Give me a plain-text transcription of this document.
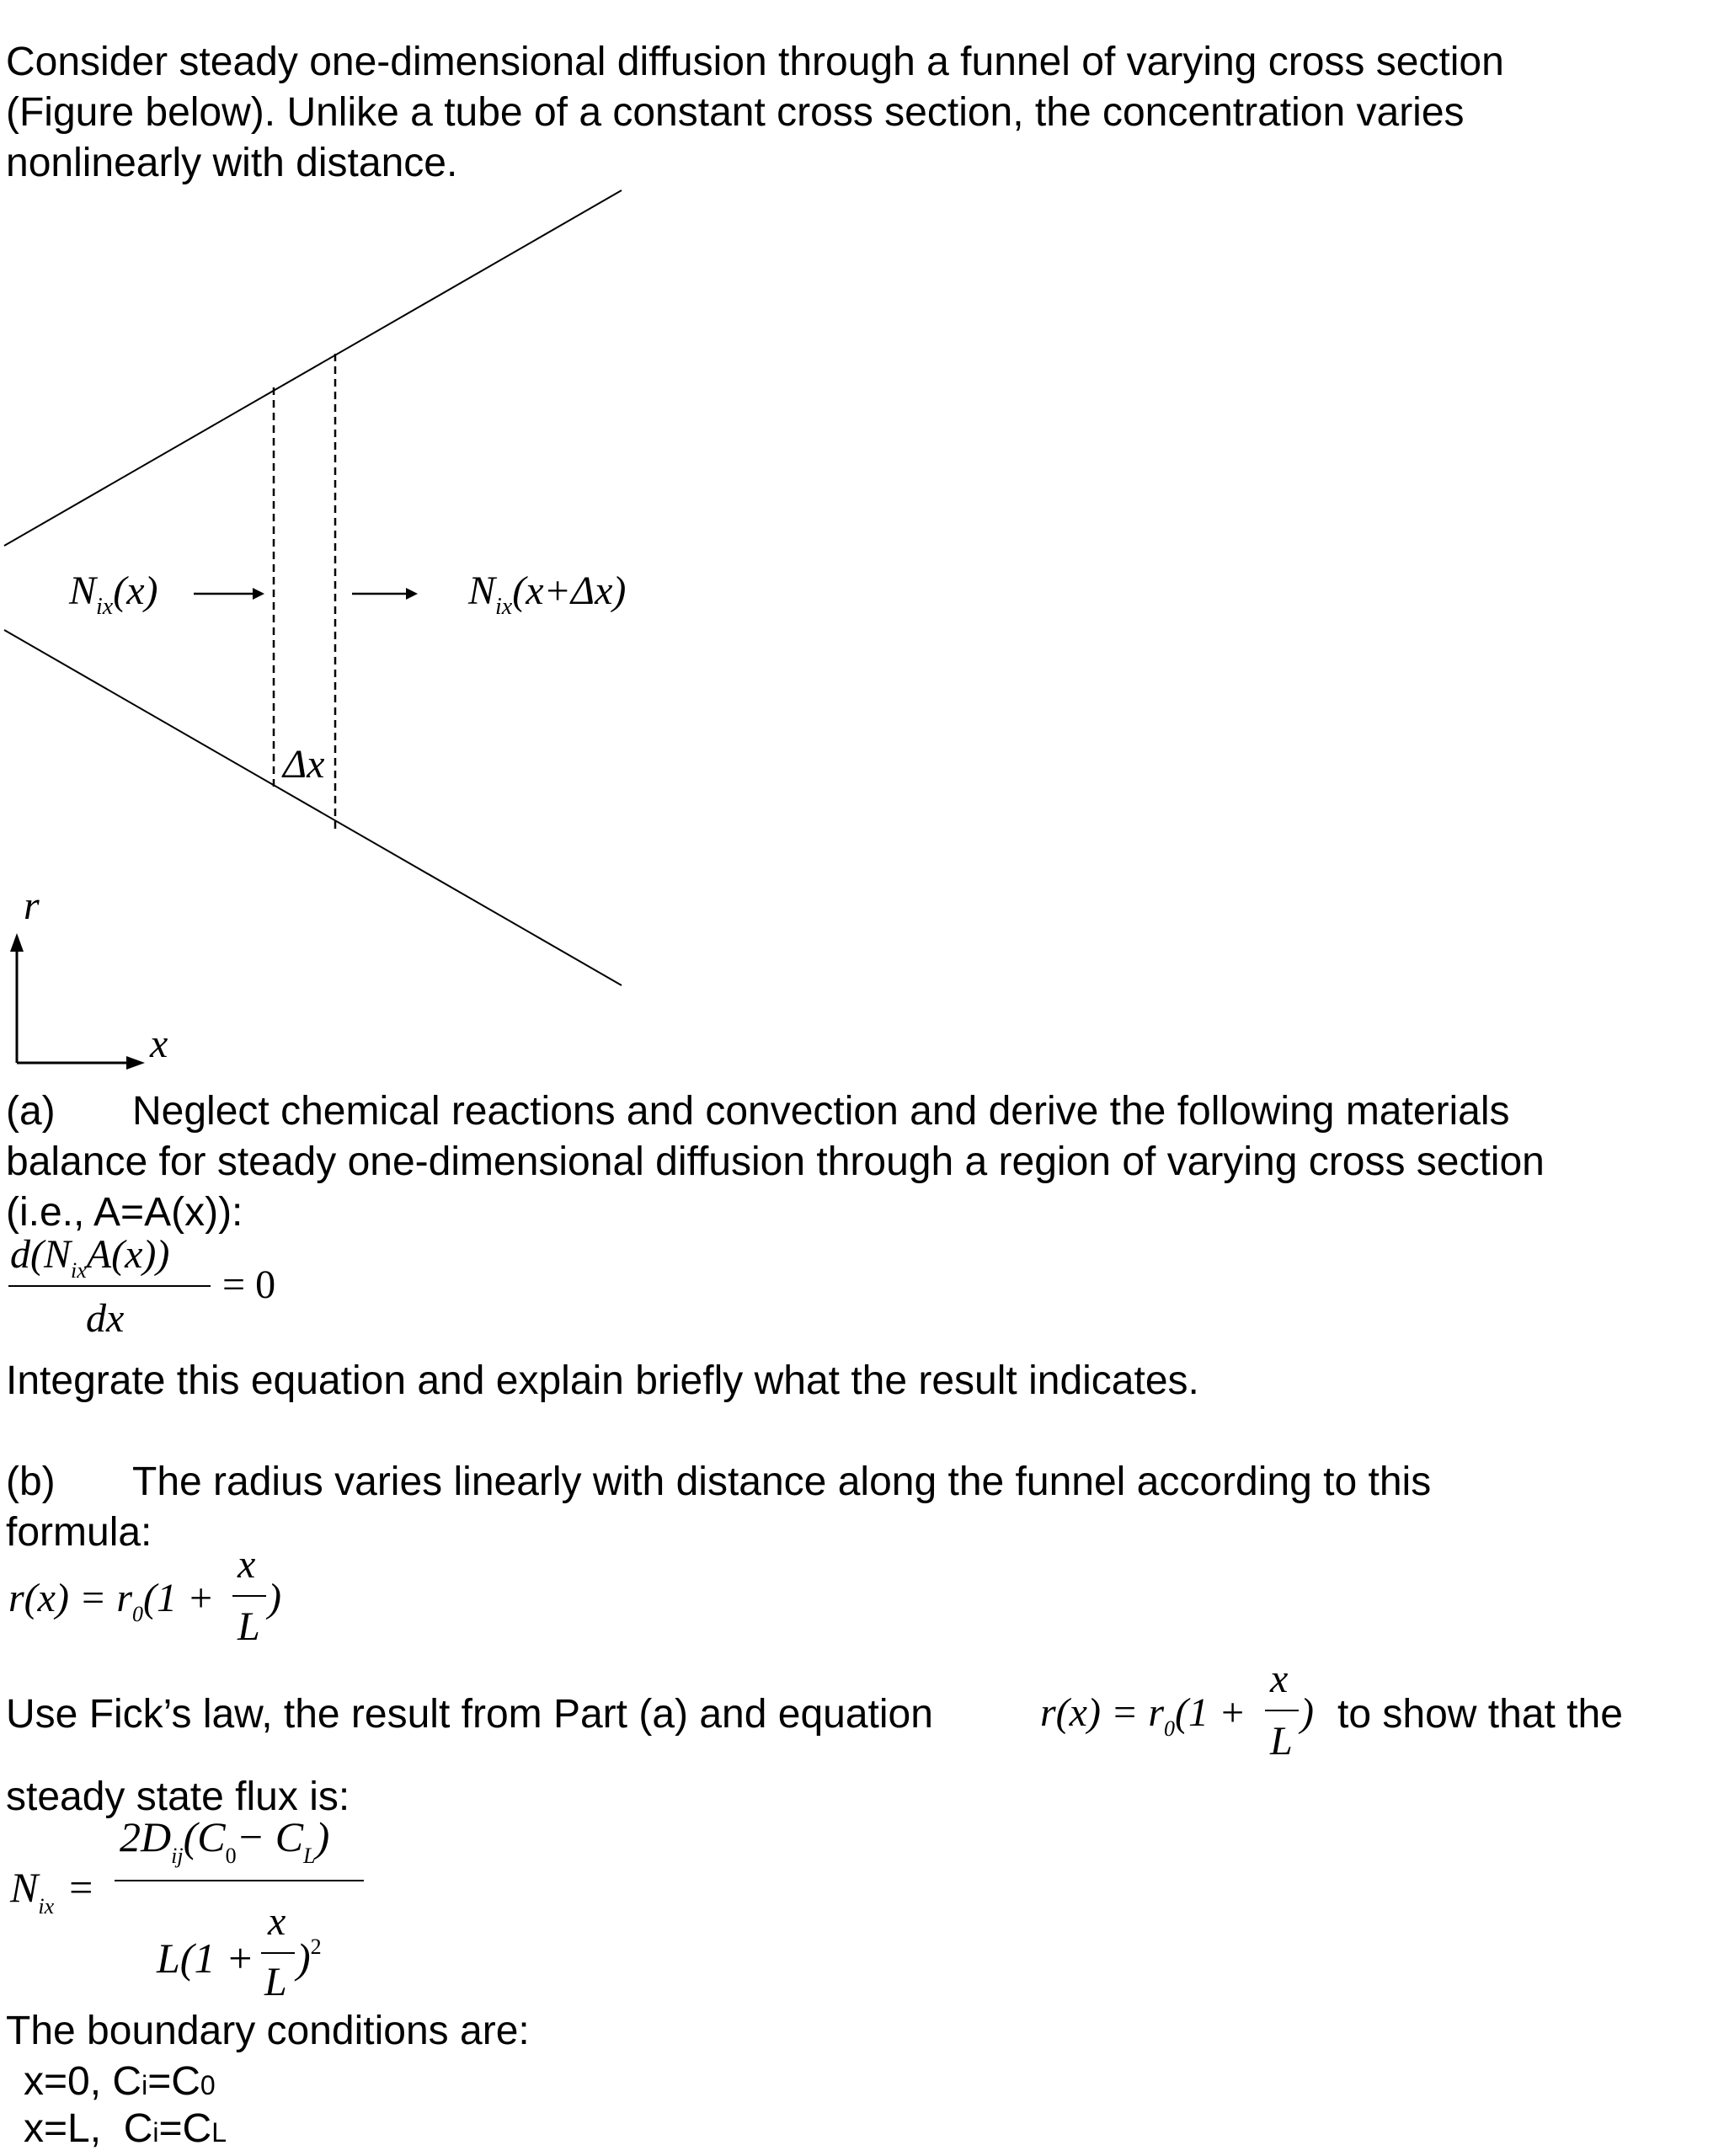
Consider steady one-dimensional diffusion through a funnel of varying cross section
(Figure below). Unlike a tube of a constant cross section, the concentration varies
nonlinearly with distance.
$N_{ix}(x)$	$N_{ix}(x+\Delta x)$
Δx
r
x
(a) Neglect chemical reactions and convection and derive the following materials
balance for steady one-dimensional diffusion through a region of varying cross section
(i.e., A=A(x)):
$d(N_{ix}A(x))$
dx
= 0
Integrate this equation and explain briefly what the result indicates.
(b) The radius varies linearly with distance along the funnel according to this
formula:
$r(x) = r_0(1$ +
x
L
)
Use Fick’s law, the result from Part (a) and equation	$r(x) = r_0(1$ +
x
L
) to show that the
steady state flux is:
$N_{ix}$ =
$2D_{ij}(C_0- C_L)$
L(1 +
x
L
)$^2$
The boundary conditions are:
x=0, Ci=C0
x=L, Ci=CL
